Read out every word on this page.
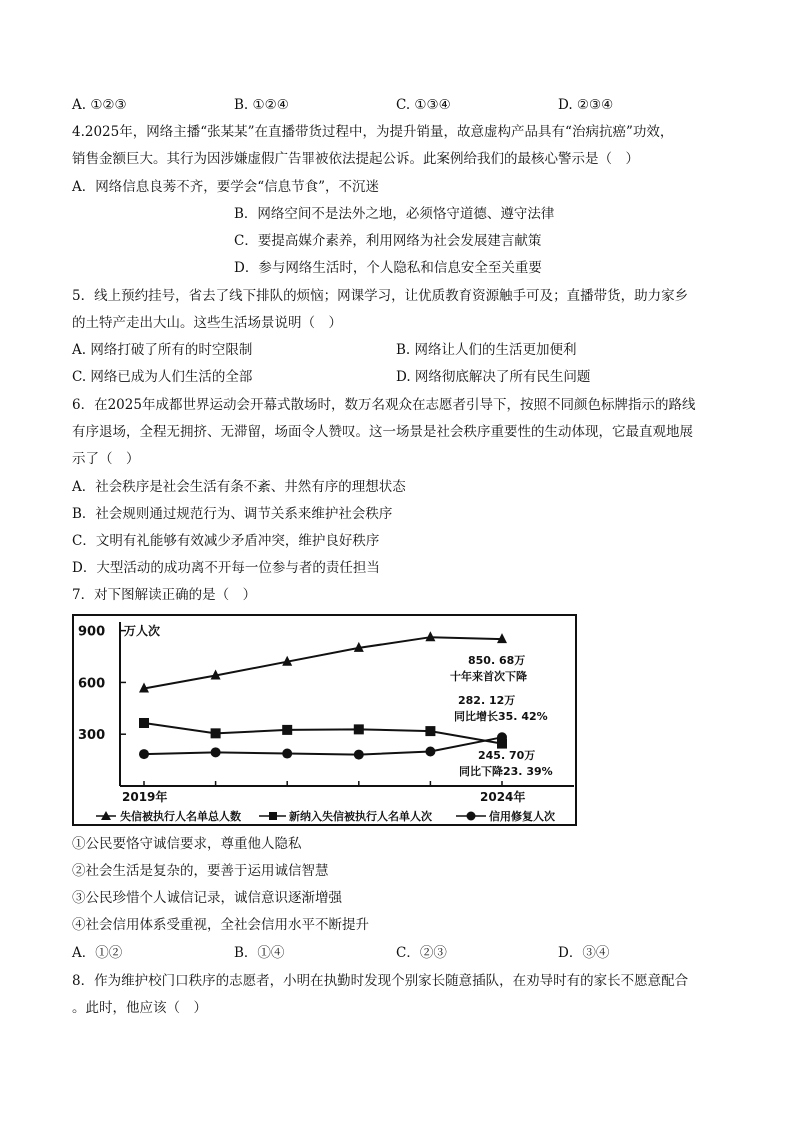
A. ①②③	B. ①②④	C. ①③④	D. ②③④
4.2025年，网络主播“张某某”在直播带货过程中，为提升销量，故意虚构产品具有“治病抗癌”功效，
销售金额巨大。其行为因涉嫌虚假广告罪被依法提起公诉。此案例给我们的最核心警示是（　）
A．网络信息良莠不齐，要学会“信息节食”，不沉迷
B．网络空间不是法外之地，必须恪守道德、遵守法律
C．要提高媒介素养，利用网络为社会发展建言献策
D．参与网络生活时，个人隐私和信息安全至关重要
5．线上预约挂号，省去了线下排队的烦恼；网课学习，让优质教育资源触手可及；直播带货，助力家乡
的土特产走出大山。这些生活场景说明（　）
A. 网络打破了所有的时空限制	B. 网络让人们的生活更加便利
C. 网络已成为人们生活的全部	D. 网络彻底解决了所有民生问题
6．在2025年成都世界运动会开幕式散场时，数万名观众在志愿者引导下，按照不同颜色标牌指示的路线
有序退场，全程无拥挤、无滞留，场面令人赞叹。这一场景是社会秩序重要性的生动体现，它最直观地展
示了（　）
A．社会秩序是社会生活有条不紊、井然有序的理想状态
B．社会规则通过规范行为、调节关系来维护社会秩序
C．文明有礼能够有效减少矛盾冲突，维护良好秩序
D．大型活动的成功离不开每一位参与者的责任担当
7．对下图解读正确的是（　）
万人次
900
600
300
2019年	2024年
850. 68万
十年来首次下降
282. 12万
同比增长35. 42%
245. 70万
同比下降23. 39%
失信被执行人名单总人数	新纳入失信被执行人名单人次	信用修复人次
①公民要恪守诚信要求，尊重他人隐私
②社会生活是复杂的，要善于运用诚信智慧
③公民珍惜个人诚信记录，诚信意识逐渐增强
④社会信用体系受重视，全社会信用水平不断提升
A．①②	B．①④	C．②③	D．③④
8．作为维护校门口秩序的志愿者，小明在执勤时发现个别家长随意插队，在劝导时有的家长不愿意配合
。此时，他应该（　）
